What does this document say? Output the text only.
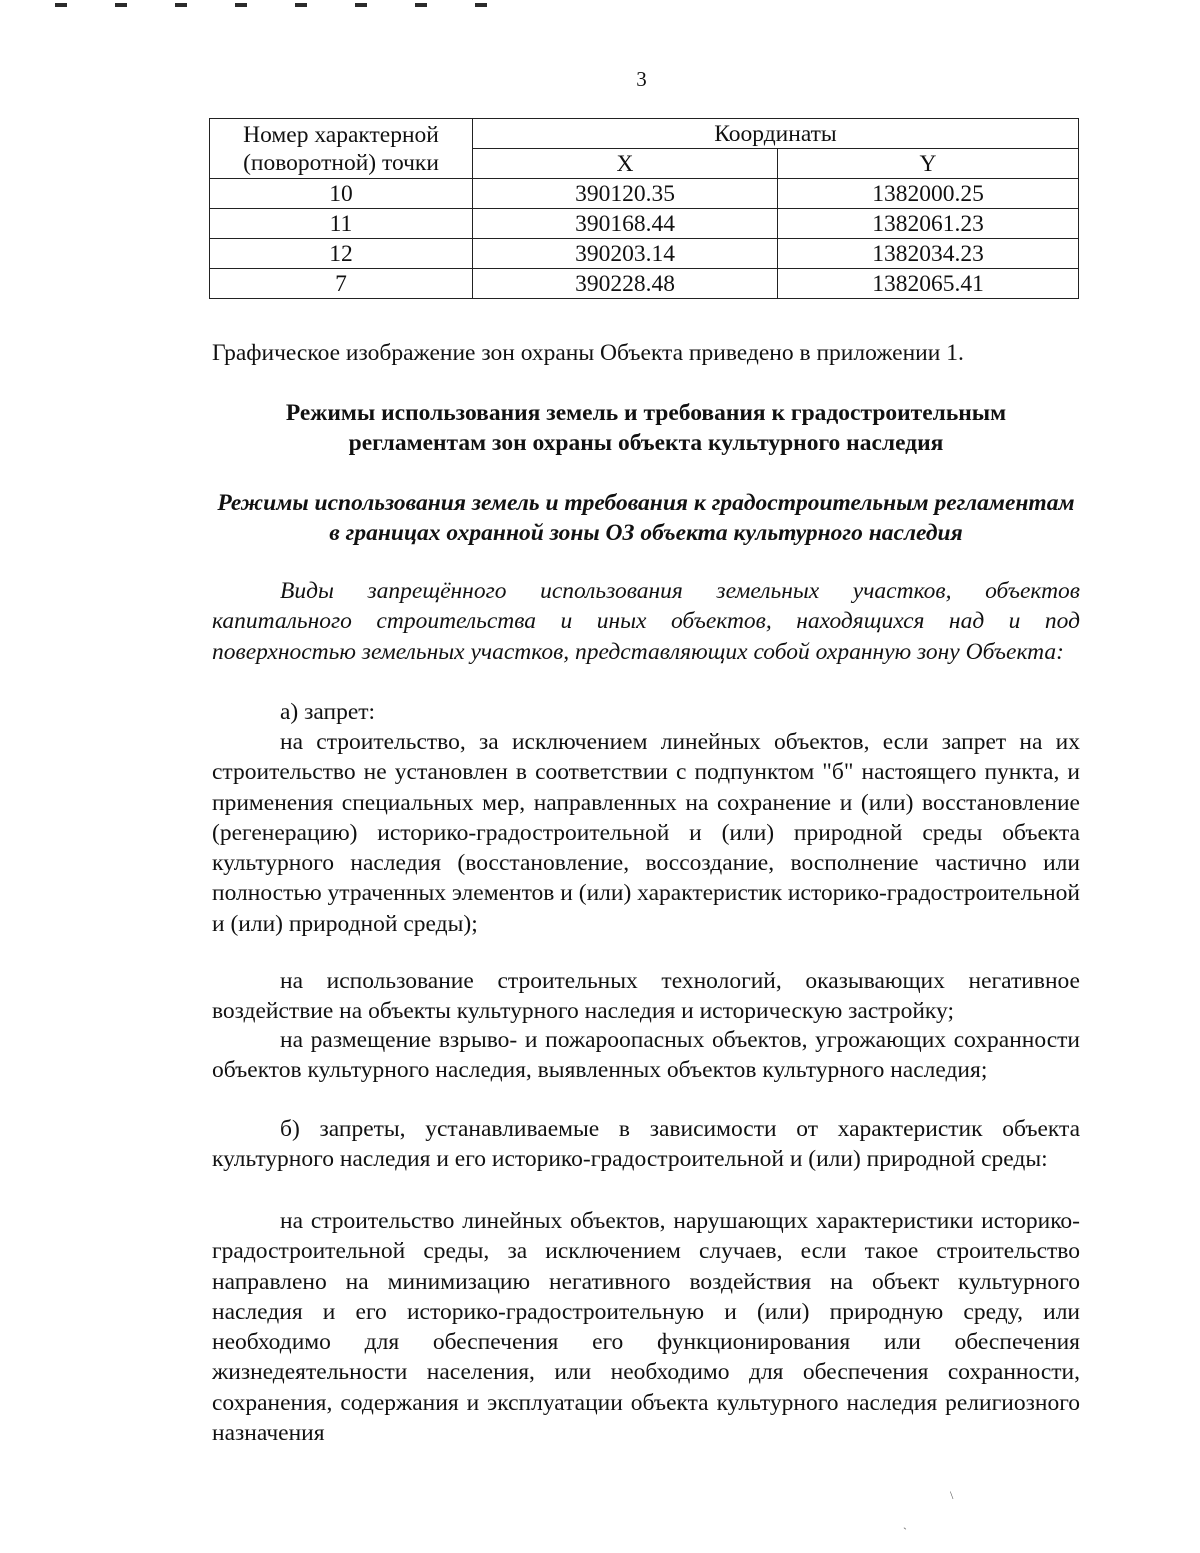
3
Номер характерной (поворотной) точки	Координаты	
	X	Y
10	390120.35	1382000.25
11	390168.44	1382061.23
12	390203.14	1382034.23
7	390228.48	1382065.41

Графическое изображение зон охраны Объекта приведено в приложении 1.

Режимы использования земель и требования к градостроительным

регламентам зон охраны объекта культурного наследия

Режимы использования земель и требования к градостроительным регламентам в границах охранной зоны ОЗ объекта культурного наследия

Виды запрещённого использования земельных участков, объектов капитального строительства и иных объектов, находящихся над и под поверхностью земельных участков, представляющих собой охранную зону Объекта:

а) запрет:

на строительство, за исключением линейных объектов, если запрет на их строительство не установлен в соответствии с подпунктом "б" настоящего пункта, и применения специальных мер, направленных на сохранение и (или) восстановление (регенерацию) историко-градостроительной и (или) природной среды объекта культурного наследия (восстановление, воссоздание, восполнение частично или полностью утраченных элементов и (или) характеристик историко-градостроительной и (или) природной среды);

на использование строительных технологий, оказывающих негативное воздействие на объекты культурного наследия и историческую застройку;

на размещение взрыво- и пожароопасных объектов, угрожающих сохранности объектов культурного наследия, выявленных объектов культурного наследия;

б) запреты, устанавливаемые в зависимости от характеристик объекта культурного наследия и его историко-градостроительной и (или) природной среды:

на строительство линейных объектов, нарушающих характеристики историко-градостроительной среды, за исключением случаев, если такое строительство направлено на минимизацию негативного воздействия на объект культурного наследия и его историко-градостроительную и (или) природную среду, или необходимо для обеспечения его функционирования или обеспечения жизнедеятельности населения, или необходимо для обеспечения сохранности, сохранения, содержания и эксплуатации объекта культурного наследия религиозного назначения

\
`
